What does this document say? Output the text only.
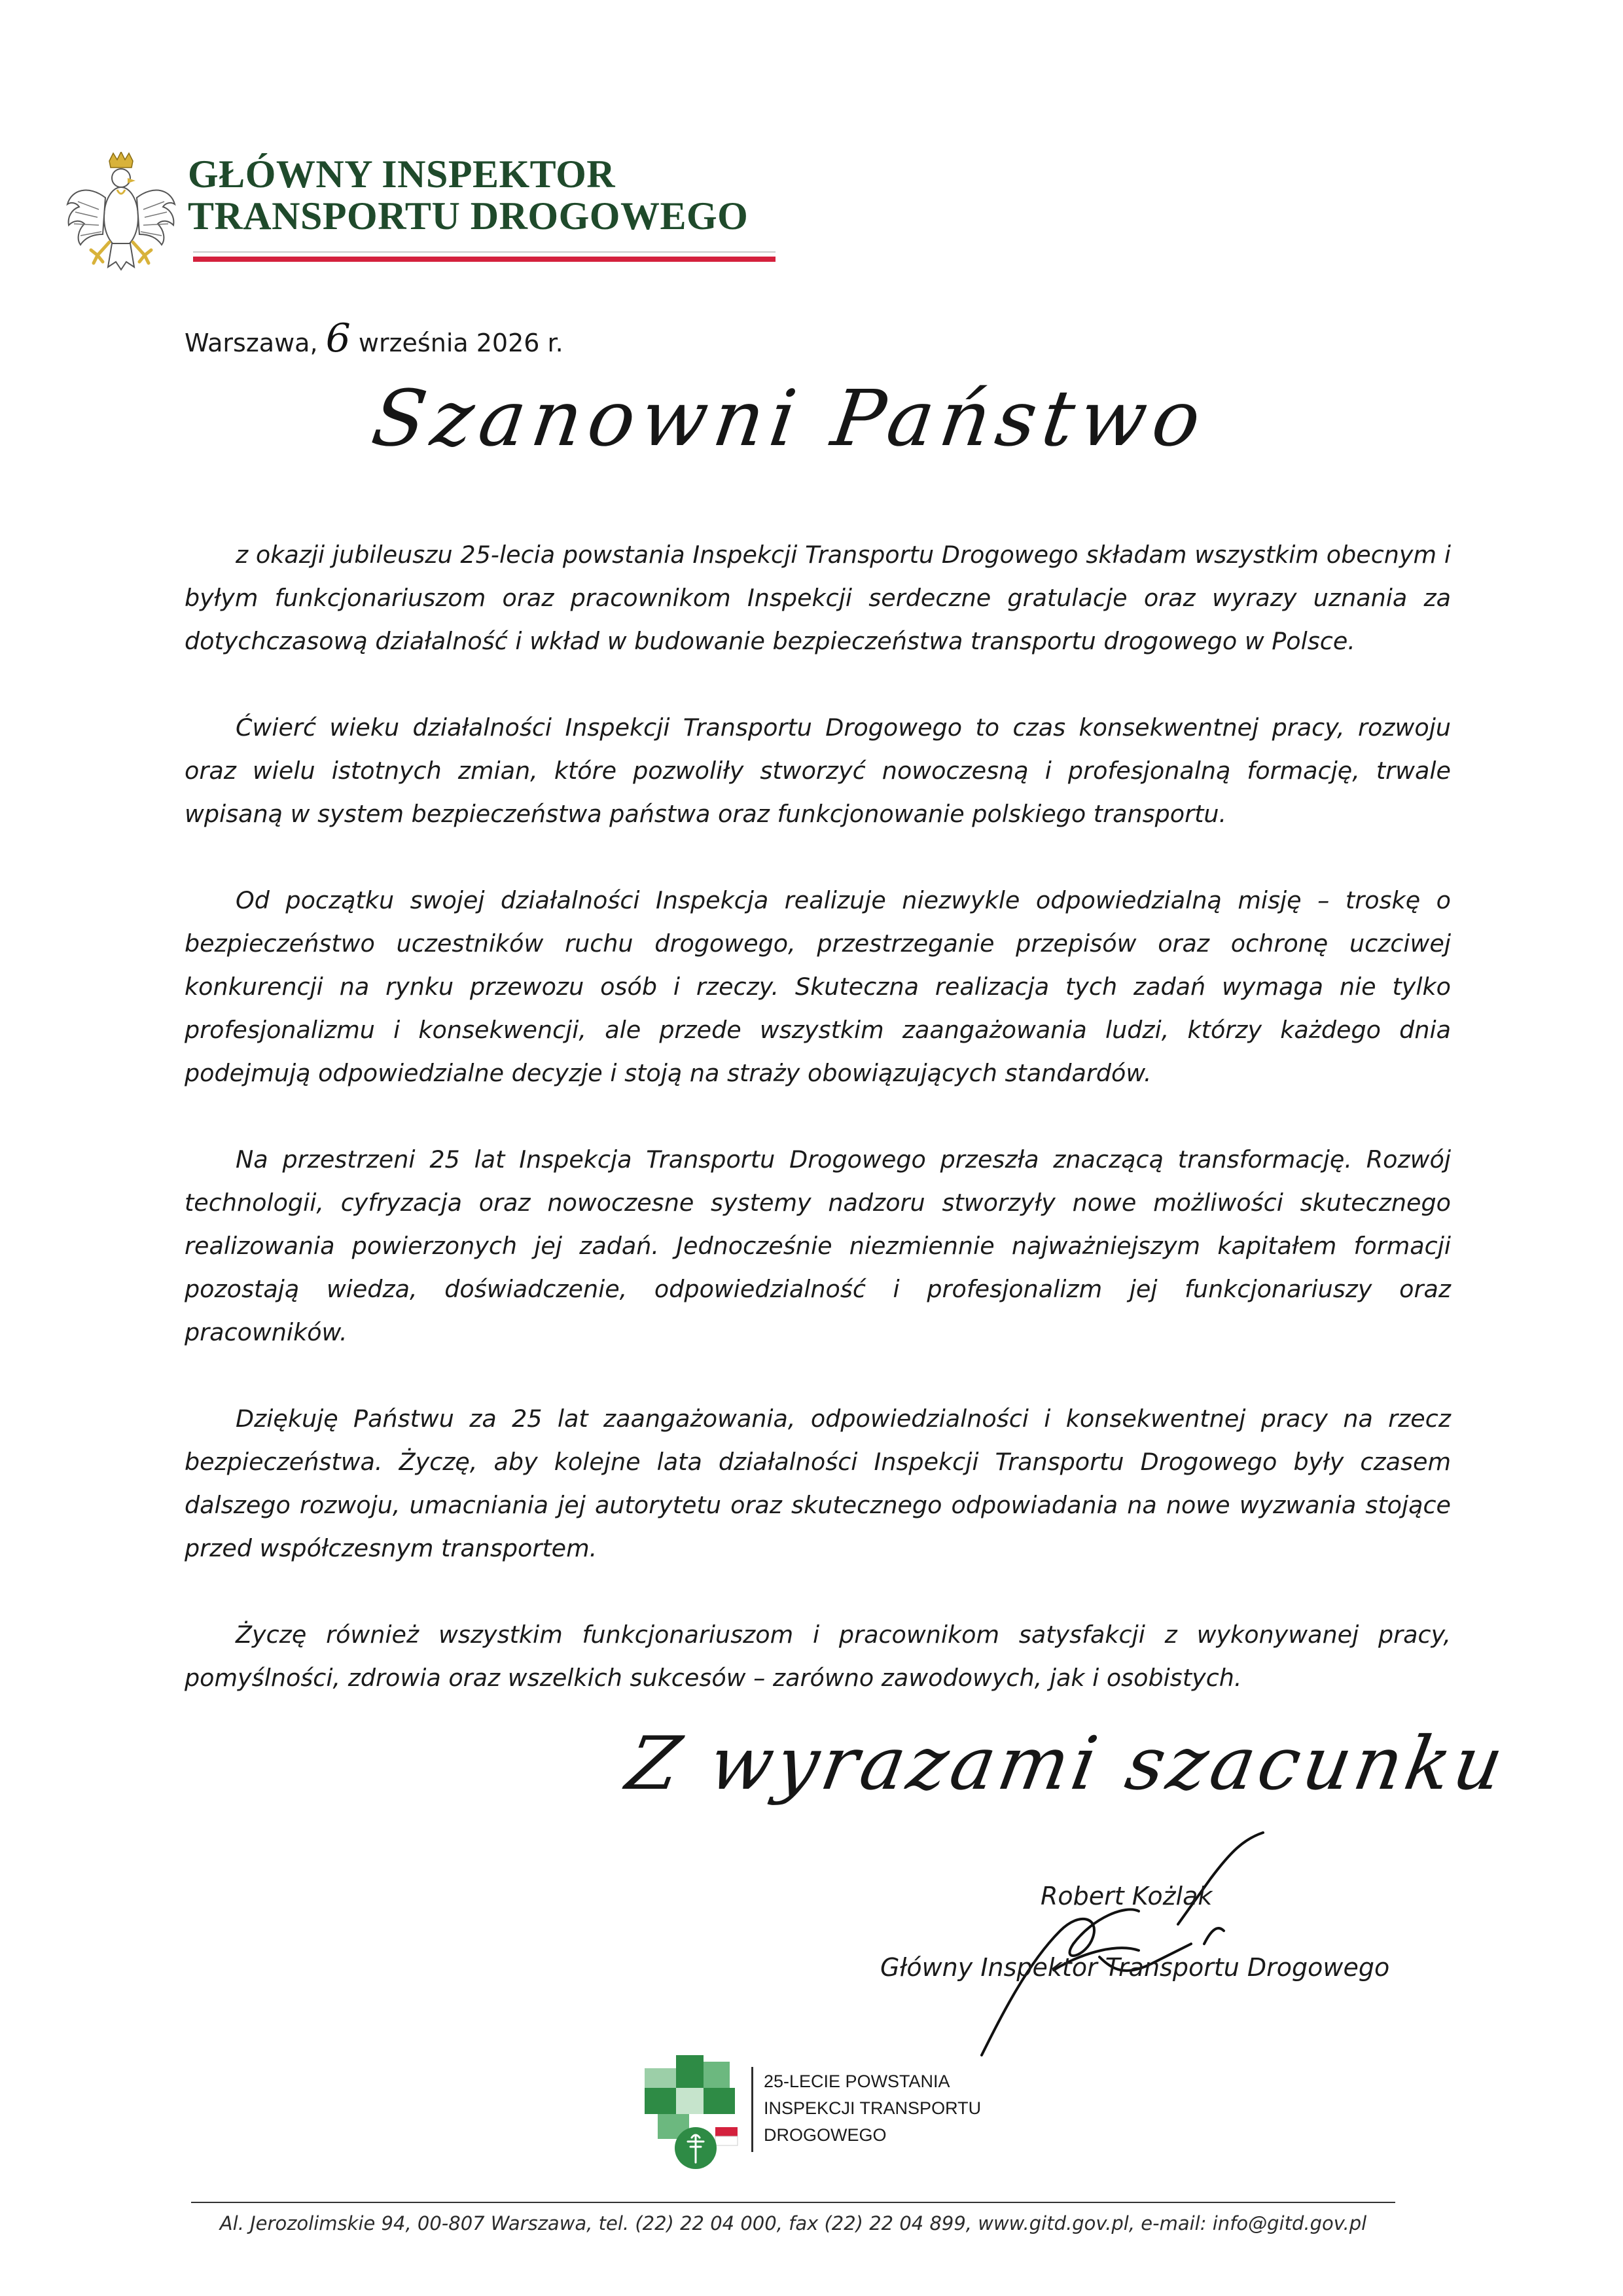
GŁÓWNY INSPEKTOR
TRANSPORTU DROGOWEGO
Warszawa, 6 września 2026 r.
Szanowni Państwo

z okazji jubileuszu 25-lecia powstania Inspekcji Transportu Drogowego składam wszystkim obecnym i byłym funkcjonariuszom oraz pracownikom Inspekcji serdeczne gratulacje oraz wyrazy uznania za dotychczasową działalność i wkład w budowanie bezpieczeństwa transportu drogowego w Polsce.

Ćwierć wieku działalności Inspekcji Transportu Drogowego to czas konsekwentnej pracy, rozwoju oraz wielu istotnych zmian, które pozwoliły stworzyć nowoczesną i profesjonalną formację, trwale wpisaną w system bezpieczeństwa państwa oraz funkcjonowanie polskiego transportu.

Od początku swojej działalności Inspekcja realizuje niezwykle odpowiedzialną misję – troskę o bezpieczeństwo uczestników ruchu drogowego, przestrzeganie przepisów oraz ochronę uczciwej konkurencji na rynku przewozu osób i rzeczy. Skuteczna realizacja tych zadań wymaga nie tylko profesjonalizmu i konsekwencji, ale przede wszystkim zaangażowania ludzi, którzy każdego dnia podejmują odpowiedzialne decyzje i stoją na straży obowiązujących standardów.

Na przestrzeni 25 lat Inspekcja Transportu Drogowego przeszła znaczącą transformację. Rozwój technologii, cyfryzacja oraz nowoczesne systemy nadzoru stworzyły nowe możliwości skutecznego realizowania powierzonych jej zadań. Jednocześnie niezmiennie najważniejszym kapitałem formacji pozostają wiedza, doświadczenie, odpowiedzialność i profesjonalizm jej funkcjonariuszy oraz pracowników.

Dziękuję Państwu za 25 lat zaangażowania, odpowiedzialności i konsekwentnej pracy na rzecz bezpieczeństwa. Życzę, aby kolejne lata działalności Inspekcji Transportu Drogowego były czasem dalszego rozwoju, umacniania jej autorytetu oraz skutecznego odpowiadania na nowe wyzwania stojące przed współczesnym transportem.

Życzę również wszystkim funkcjonariuszom i pracownikom satysfakcji z wykonywanej pracy, pomyślności, zdrowia oraz wszelkich sukcesów – zarówno zawodowych, jak i osobistych.

Z wyrazami szacunku
Robert Kożlak
Główny Inspektor Transportu Drogowego
25-LECIE POWSTANIA
INSPEKCJI TRANSPORTU
DROGOWEGO
Al. Jerozolimskie 94, 00-807 Warszawa, tel. (22) 22 04 000, fax (22) 22 04 899, www.gitd.gov.pl, e-mail: info@gitd.gov.pl
